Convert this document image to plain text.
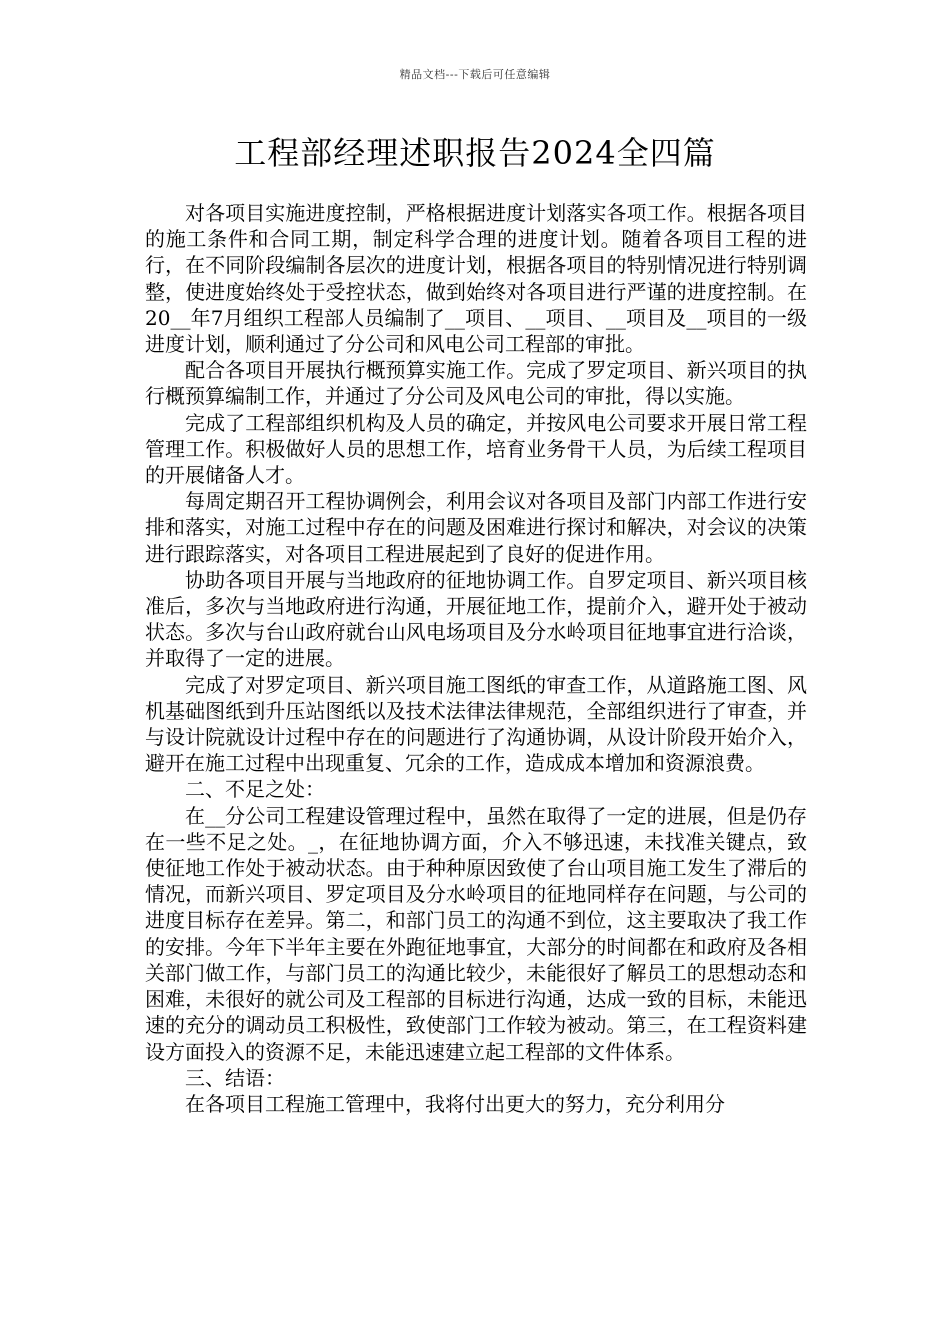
精品文档---下载后可任意编辑
工程部经理述职报告2024全四篇

对各项目实施进度控制，严格根据进度计划落实各项工作。根据各项目的施工条件和合同工期，制定科学合理的进度计划。随着各项目工程的进行，在不同阶段编制各层次的进度计划，根据各项目的特别情况进行特别调整，使进度始终处于受控状态，做到始终对各项目进行严谨的进度控制。在20__年7月组织工程部人员编制了__项目、__项目、__项目及__项目的一级进度计划，顺利通过了分公司和风电公司工程部的审批。

配合各项目开展执行概预算实施工作。完成了罗定项目、新兴项目的执行概预算编制工作，并通过了分公司及风电公司的审批，得以实施。

完成了工程部组织机构及人员的确定，并按风电公司要求开展日常工程管理工作。积极做好人员的思想工作，培育业务骨干人员，为后续工程项目的开展储备人才。

每周定期召开工程协调例会，利用会议对各项目及部门内部工作进行安排和落实，对施工过程中存在的问题及困难进行探讨和解决，对会议的决策进行跟踪落实，对各项目工程进展起到了良好的促进作用。

协助各项目开展与当地政府的征地协调工作。自罗定项目、新兴项目核准后，多次与当地政府进行沟通，开展征地工作，提前介入，避开处于被动状态。多次与台山政府就台山风电场项目及分水岭项目征地事宜进行洽谈，并取得了一定的进展。

完成了对罗定项目、新兴项目施工图纸的审查工作，从道路施工图、风机基础图纸到升压站图纸以及技术法律法律规范，全部组织进行了审查，并与设计院就设计过程中存在的问题进行了沟通协调，从设计阶段开始介入，避开在施工过程中出现重复、冗余的工作，造成成本增加和资源浪费。

二、不足之处：

在__分公司工程建设管理过程中，虽然在取得了一定的进展，但是仍存在一些不足之处。_，在征地协调方面，介入不够迅速，未找准关键点，致使征地工作处于被动状态。由于种种原因致使了台山项目施工发生了滞后的情况，而新兴项目、罗定项目及分水岭项目的征地同样存在问题，与公司的进度目标存在差异。第二，和部门员工的沟通不到位，这主要取决了我工作的安排。今年下半年主要在外跑征地事宜，大部分的时间都在和政府及各相关部门做工作，与部门员工的沟通比较少，未能很好了解员工的思想动态和困难，未很好的就公司及工程部的目标进行沟通，达成一致的目标，未能迅速的充分的调动员工积极性，致使部门工作较为被动。第三，在工程资料建设方面投入的资源不足，未能迅速建立起工程部的文件体系。

三、结语：

在各项目工程施工管理中，我将付出更大的努力，充分利用分
